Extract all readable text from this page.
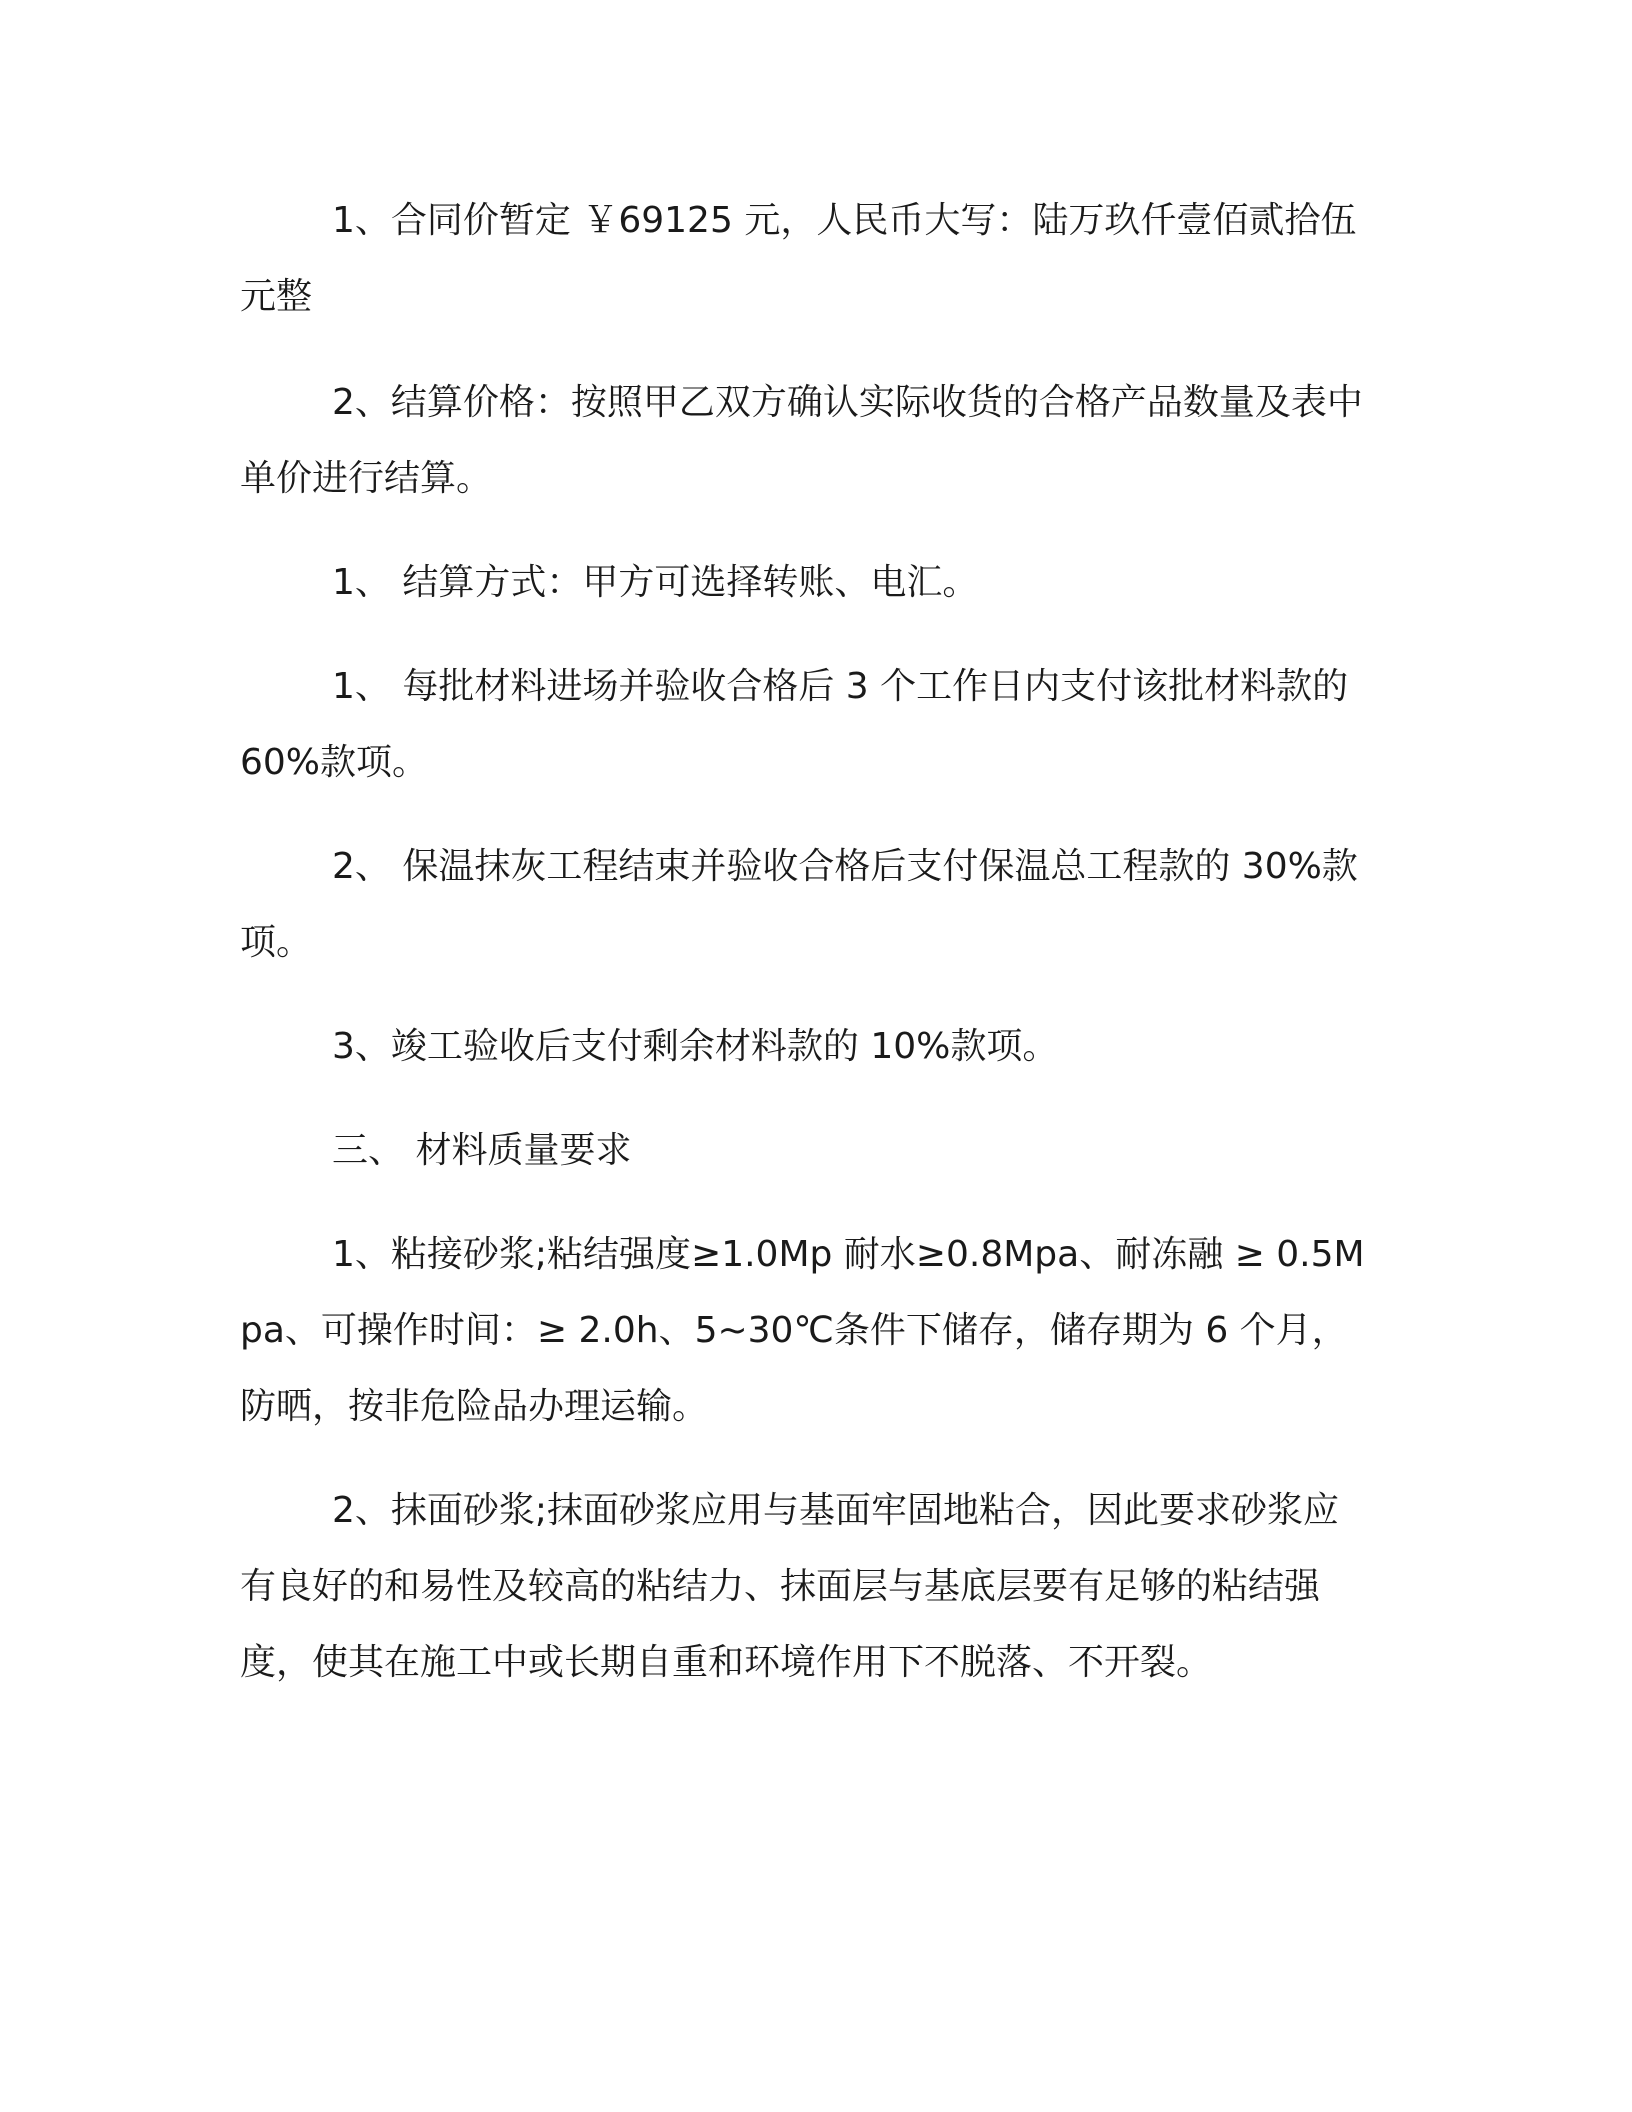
1、合同价暂定 ￥69125 元，人民币大写：陆万玖仟壹佰贰拾伍元整

2、结算价格：按照甲乙双方确认实际收货的合格产品数量及表中单价进行结算。

1、 结算方式：甲方可选择转账、电汇。

1、 每批材料进场并验收合格后 3 个工作日内支付该批材料款的 60%款项。

2、 保温抹灰工程结束并验收合格后支付保温总工程款的 30%款项。

3、竣工验收后支付剩余材料款的 10%款项。

三、 材料质量要求

1、粘接砂浆;粘结强度≥1.0Mp 耐水≥0.8Mpa、耐冻融 ≥ 0.5Mpa、可操作时间：≥ 2.0h、5~30℃条件下储存，储存期为 6 个月，防晒，按非危险品办理运输。

2、抹面砂浆;抹面砂浆应用与基面牢固地粘合，因此要求砂浆应有良好的和易性及较高的粘结力、抹面层与基底层要有足够的粘结强度，使其在施工中或长期自重和环境作用下不脱落、不开裂。
